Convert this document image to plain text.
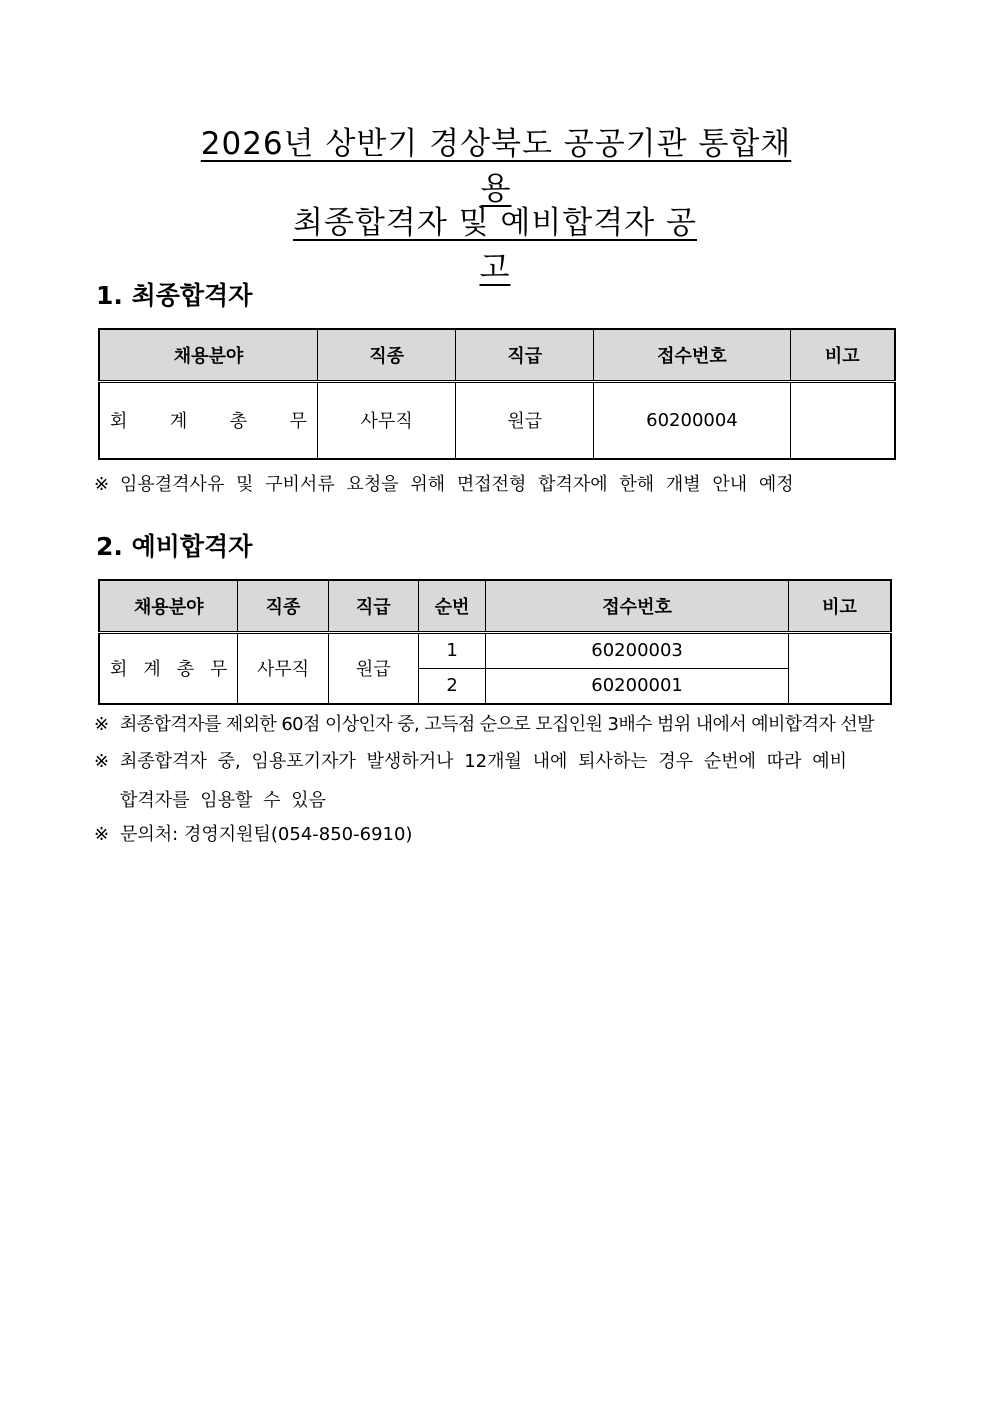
2026년 상반기 경상북도 공공기관 통합채용
최종합격자 및 예비합격자 공고
1. 최종합격자
채용분야	직종	직급	접수번호	비고

회 계 총 무	사무직	원급	60200004	
※ 임용결격사유 및 구비서류 요청을 위해 면접전형 합격자에 한해 개별 안내 예정
2. 예비합격자
채용분야	직종	직급	순번	접수번호	비고

회 계 총 무	사무직	원급	1	60200003	
			2	60200001	
※ 최종합격자를 제외한 60점 이상인자 중, 고득점 순으로 모집인원 3배수 범위 내에서 예비합격자 선발
※ 최종합격자 중, 임용포기자가 발생하거나 12개월 내에 퇴사하는 경우 순번에 따라 예비
합격자를 임용할 수 있음
※ 문의처: 경영지원팀(054-850-6910)
